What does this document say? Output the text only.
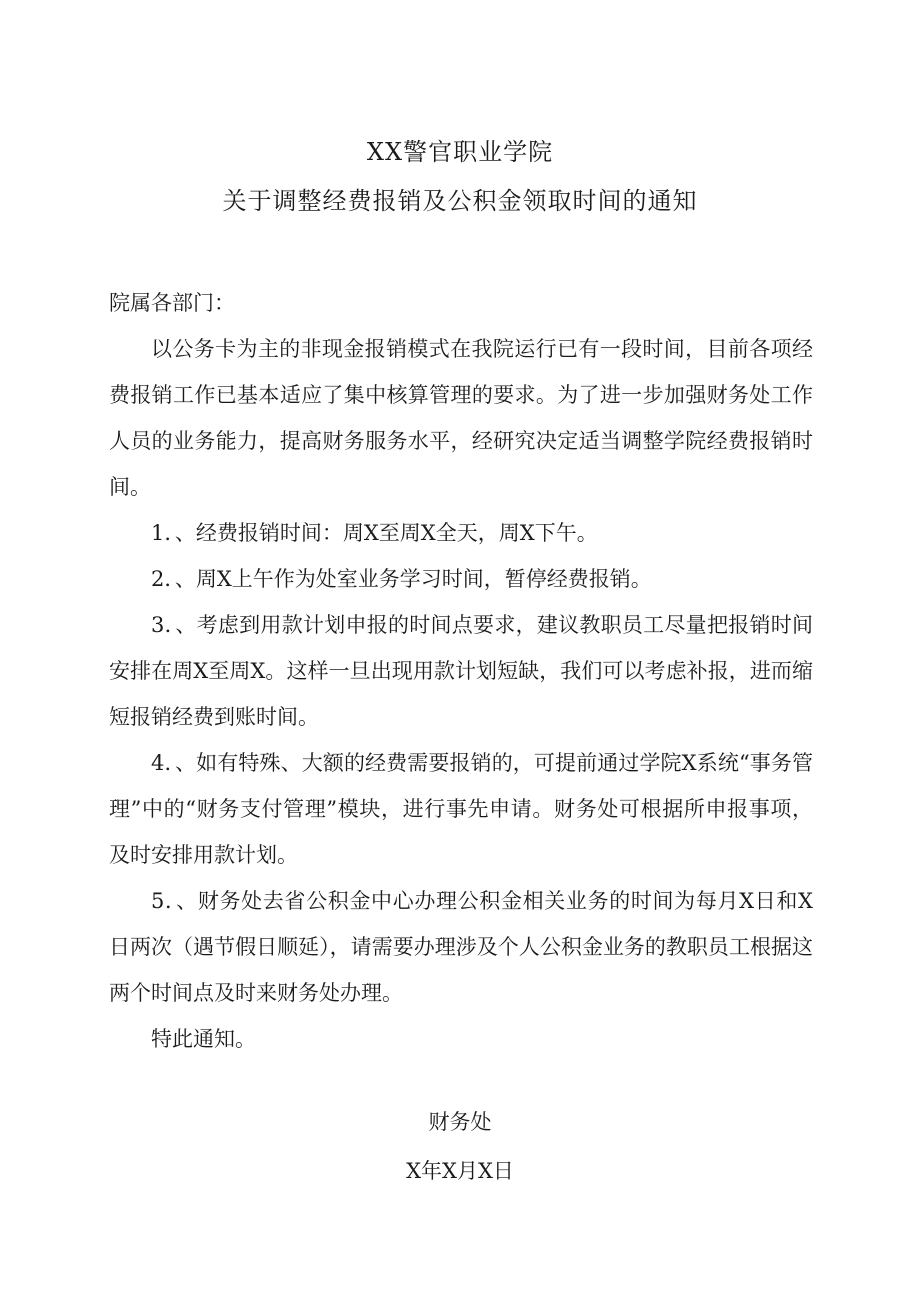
XX警官职业学院
关于调整经费报销及公积金领取时间的通知

院属各部门：

以公务卡为主的非现金报销模式在我院运行已有一段时间，目前各项经费报销工作已基本适应了集中核算管理的要求。为了进一步加强财务处工作人员的业务能力，提高财务服务水平，经研究决定适当调整学院经费报销时间。

1．、经费报销时间：周X至周X全天，周X下午。

2．、周X上午作为处室业务学习时间，暂停经费报销。

3．、考虑到用款计划申报的时间点要求，建议教职员工尽量把报销时间安排在周X至周X。这样一旦出现用款计划短缺，我们可以考虑补报，进而缩短报销经费到账时间。

4．、如有特殊、大额的经费需要报销的，可提前通过学院X系统“事务管理”中的“财务支付管理”模块，进行事先申请。财务处可根据所申报事项，及时安排用款计划。

5．、财务处去省公积金中心办理公积金相关业务的时间为每月X日和X日两次（遇节假日顺延），请需要办理涉及个人公积金业务的教职员工根据这两个时间点及时来财务处办理。

特此通知。

财务处
X年X月X日
